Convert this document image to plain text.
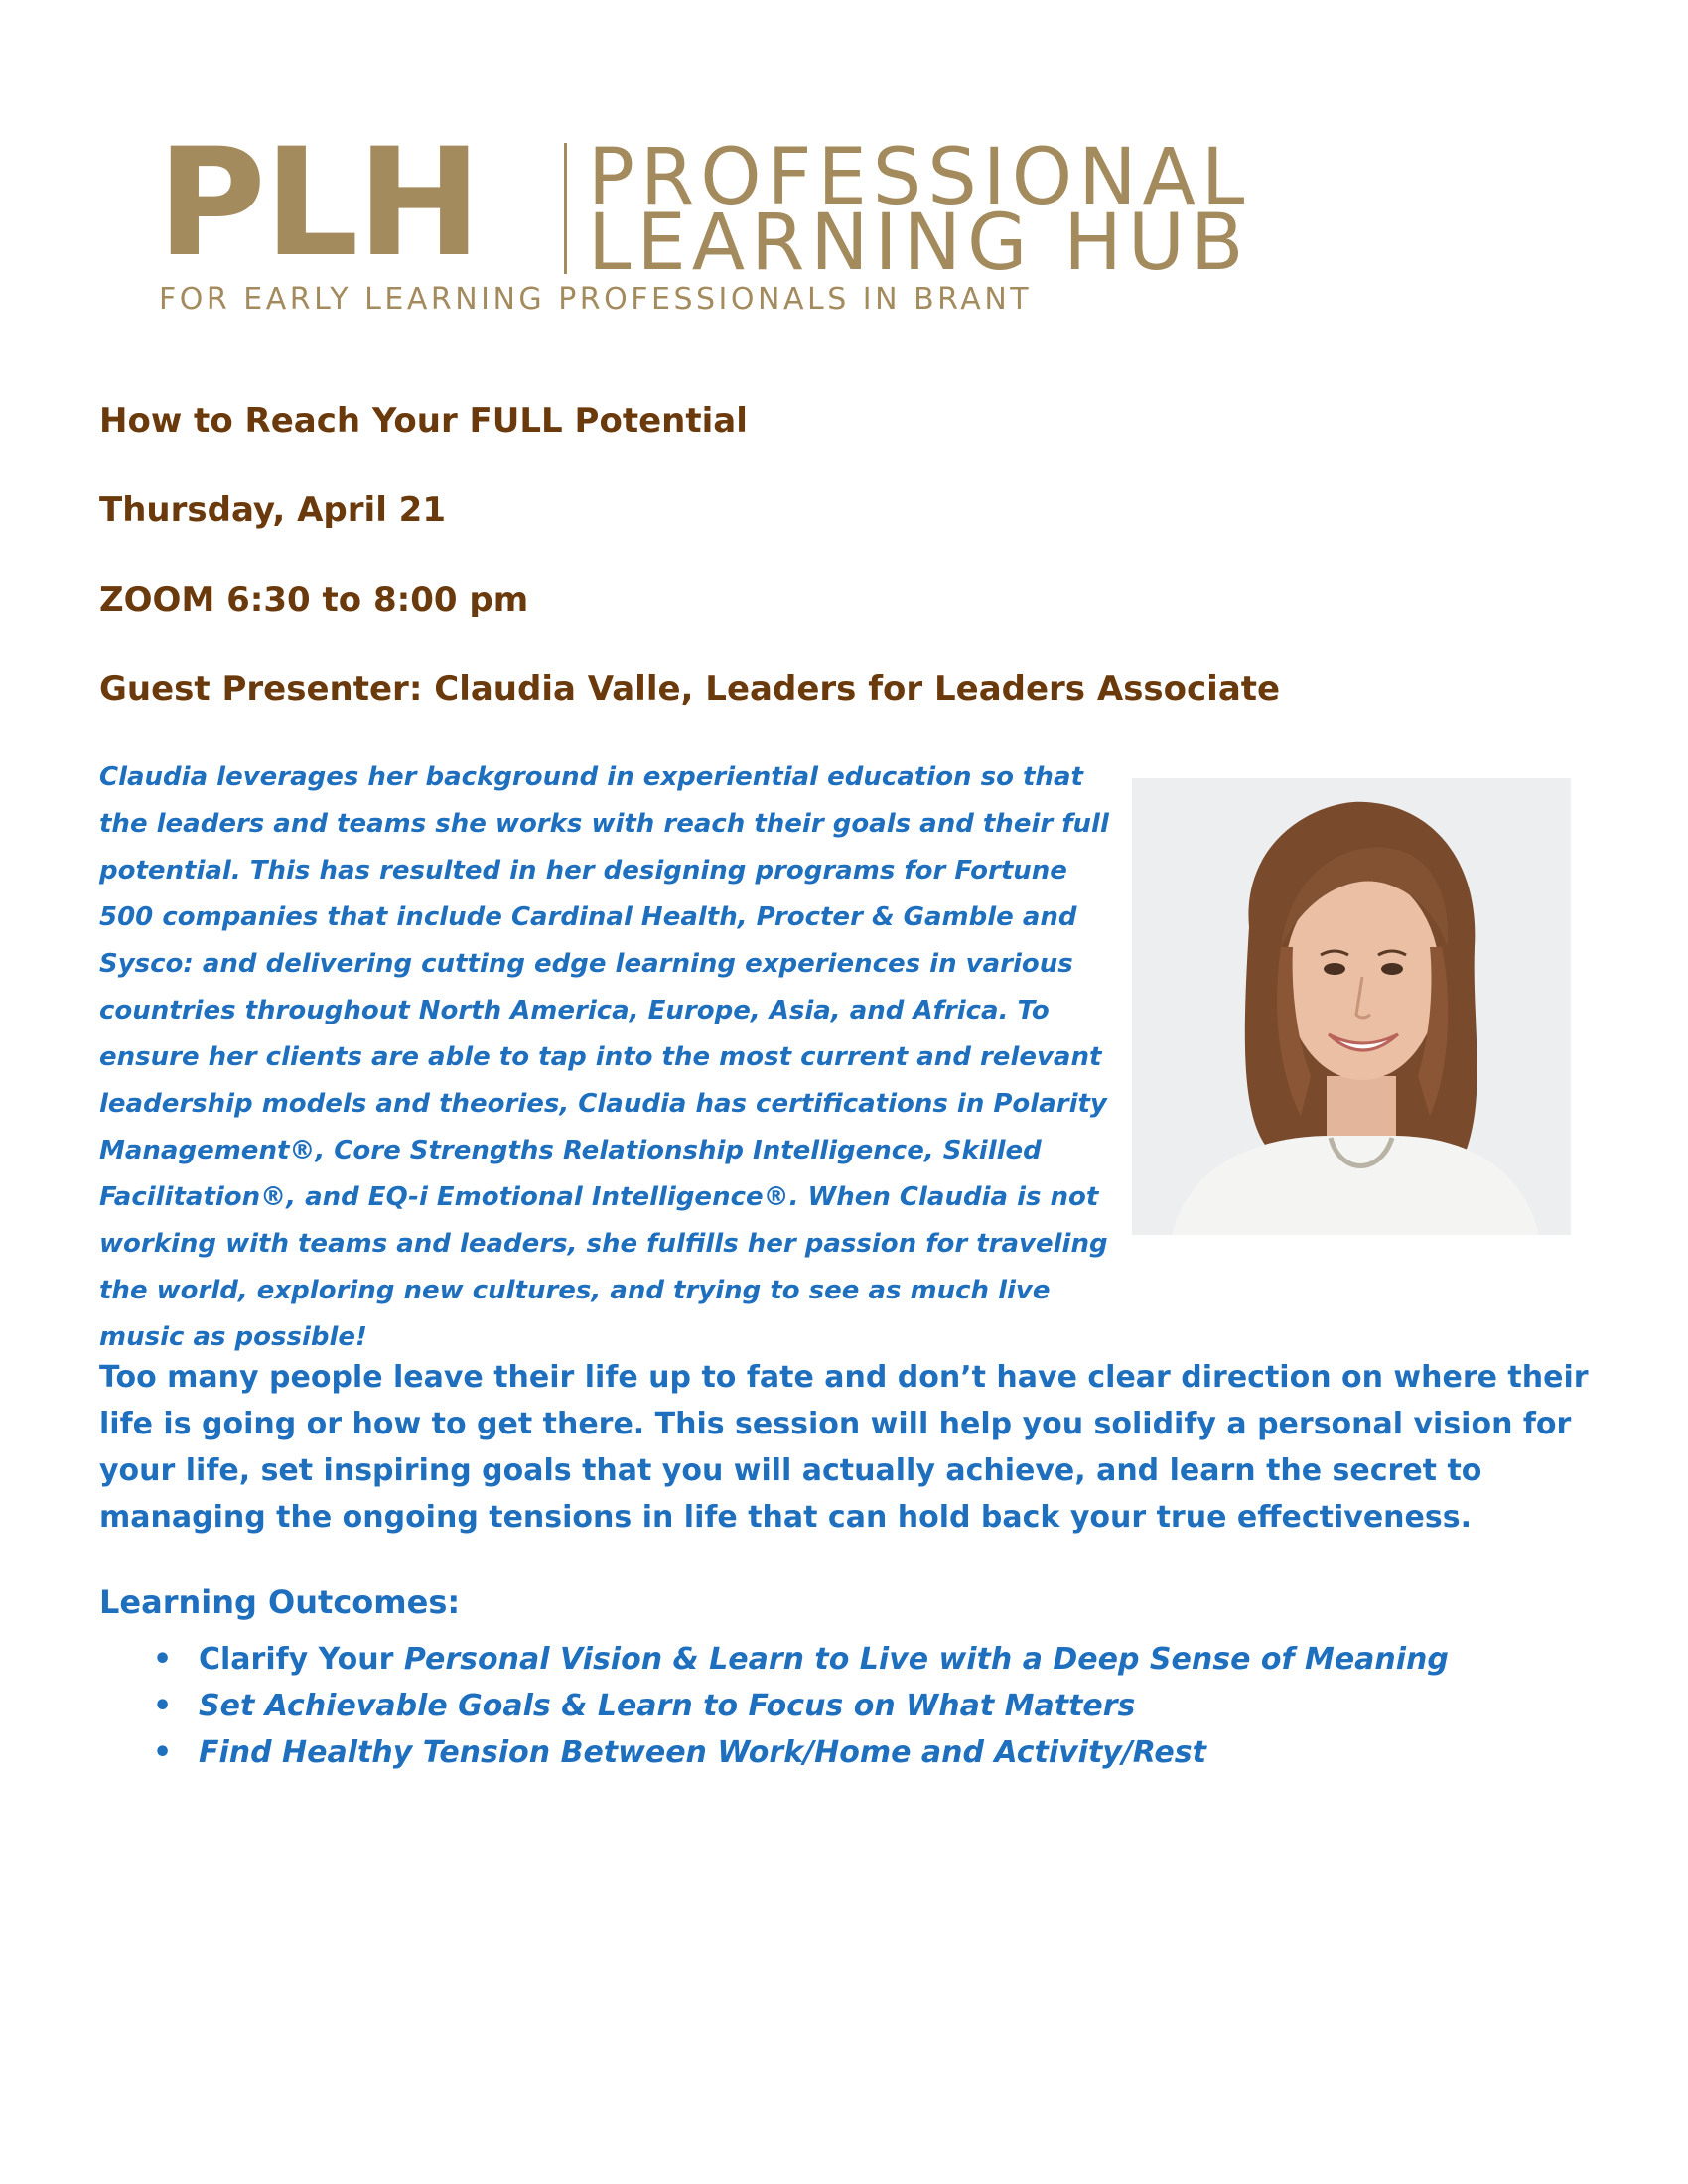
PLH PROFESSIONAL
LEARNING HUB
FOR EARLY LEARNING PROFESSIONALS IN BRANT
How to Reach Your FULL Potential
Thursday, April 21
ZOOM 6:30 to 8:00 pm
Guest Presenter: Claudia Valle, Leaders for Leaders Associate

Claudia leverages her background in experiential education so that the leaders and teams she works with reach their goals and their full potential. This has resulted in her designing programs for Fortune 500 companies that include Cardinal Health, Procter & Gamble and Sysco: and delivering cutting edge learning experiences in various countries throughout North America, Europe, Asia, and Africa. To ensure her clients are able to tap into the most current and relevant leadership models and theories, Claudia has certifications in Polarity Management®, Core Strengths Relationship Intelligence, Skilled Facilitation®, and EQ-i Emotional Intelligence®. When Claudia is not working with teams and leaders, she fulfills her passion for traveling the world, exploring new cultures, and trying to see as much live music as possible!

Too many people leave their life up to fate and don’t have clear direction on where their life is going or how to get there. This session will help you solidify a personal vision for your life, set inspiring goals that you will actually achieve, and learn the secret to managing the ongoing tensions in life that can hold back your true effectiveness.

Learning Outcomes:
• Clarify Your Personal Vision & Learn to Live with a Deep Sense of Meaning
• Set Achievable Goals & Learn to Focus on What Matters
• Find Healthy Tension Between Work/Home and Activity/Rest
